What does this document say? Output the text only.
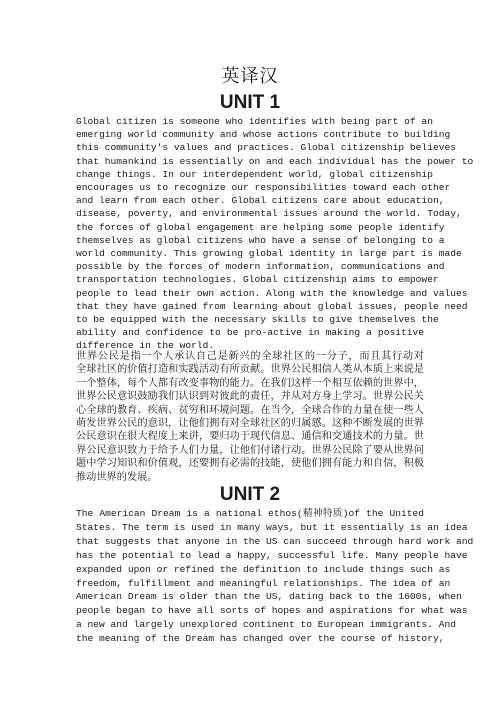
英译汉
UNIT 1
Global citizen is someone who identifies with being part of an
emerging world community and whose actions contribute to building
this community's values and practices. Global citizenship believes
that humankind is essentially on and each individual has the power to
change things. In our interdependent world, global citizenship
encourages us to recognize our responsibilities toward each other
and learn from each other. Global citizens care about education,
disease, poverty, and environmental issues around the world. Today,
the forces of global engagement are helping some people identify
themselves as global citizens who have a sense of belonging to a
world community. This growing global identity in large part is made
possible by the forces of modern information, communications and
transportation technologies. Global citizenship aims to empower
people to lead their own action. Along with the knowledge and values
that they have gained from learning about global issues, people need
to be equipped with the necessary skills to give themselves the
ability and confidence to be pro-active in making a positive
difference in the world.
世界公民是指一个人承认自己是新兴的全球社区的一分子，而且其行动对
全球社区的价值打造和实践活动有所贡献。世界公民相信人类从本质上来说是
一个整体，每个人都有改变事物的能力。在我们这样一个相互依赖的世界中，
世界公民意识鼓励我们认识到对彼此的责任，并从对方身上学习。世界公民关
心全球的教育、疾病、贫穷和环境问题。在当今，全球合作的力量在使一些人
萌发世界公民的意识，让他们拥有对全球社区的归属感。这种不断发展的世界
公民意识在很大程度上来讲，要归功于现代信息、通信和交通技术的力量。世
界公民意识致力于给予人们力量，让他们付诸行动。世界公民除了要从世界问
题中学习知识和价值观，还要拥有必需的技能，使他们拥有能力和自信，积极
推动世界的发展。
UNIT 2
The American Dream is a national ethos(精神特质)of the United
States. The term is used in many ways, but it essentially is an idea
that suggests that anyone in the US can succeed through hard work and
has the potential to lead a happy, successful life. Many people have
expanded upon or refined the definition to include things such as
freedom, fulfillment and meaningful relationships. The idea of an
American Dream is older than the US, dating back to the 1600s, when
people began to have all sorts of hopes and aspirations for what was
a new and largely unexplored continent to European immigrants. And
the meaning of the Dream has changed over the course of history,
